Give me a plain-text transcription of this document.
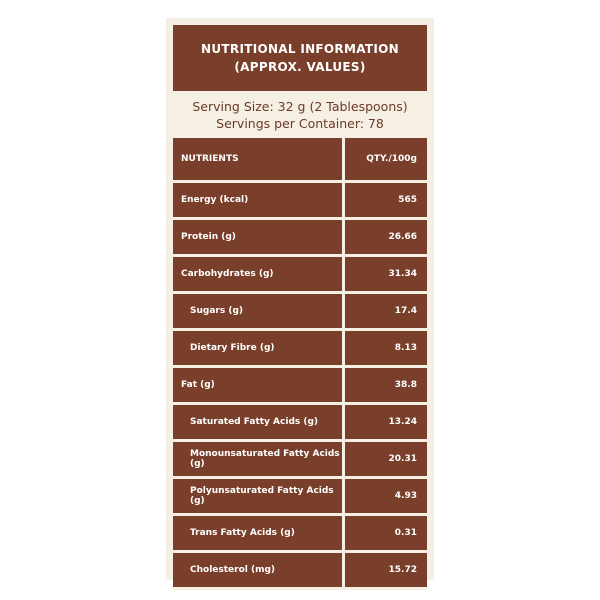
NUTRITIONAL INFORMATION
(APPROX. VALUES)
Serving Size: 32 g (2 Tablespoons)
Servings per Container: 78
NUTRIENTS	QTY./100g
Energy (kcal)	565
Protein (g)	26.66
Carbohydrates (g)	31.34
Sugars (g)	17.4
Dietary Fibre (g)	8.13
Fat (g)	38.8
Saturated Fatty Acids (g)	13.24
Monounsaturated Fatty Acids (g)	20.31
Polyunsaturated Fatty Acids (g)	4.93
Trans Fatty Acids (g)	0.31
Cholesterol (mg)	15.72
